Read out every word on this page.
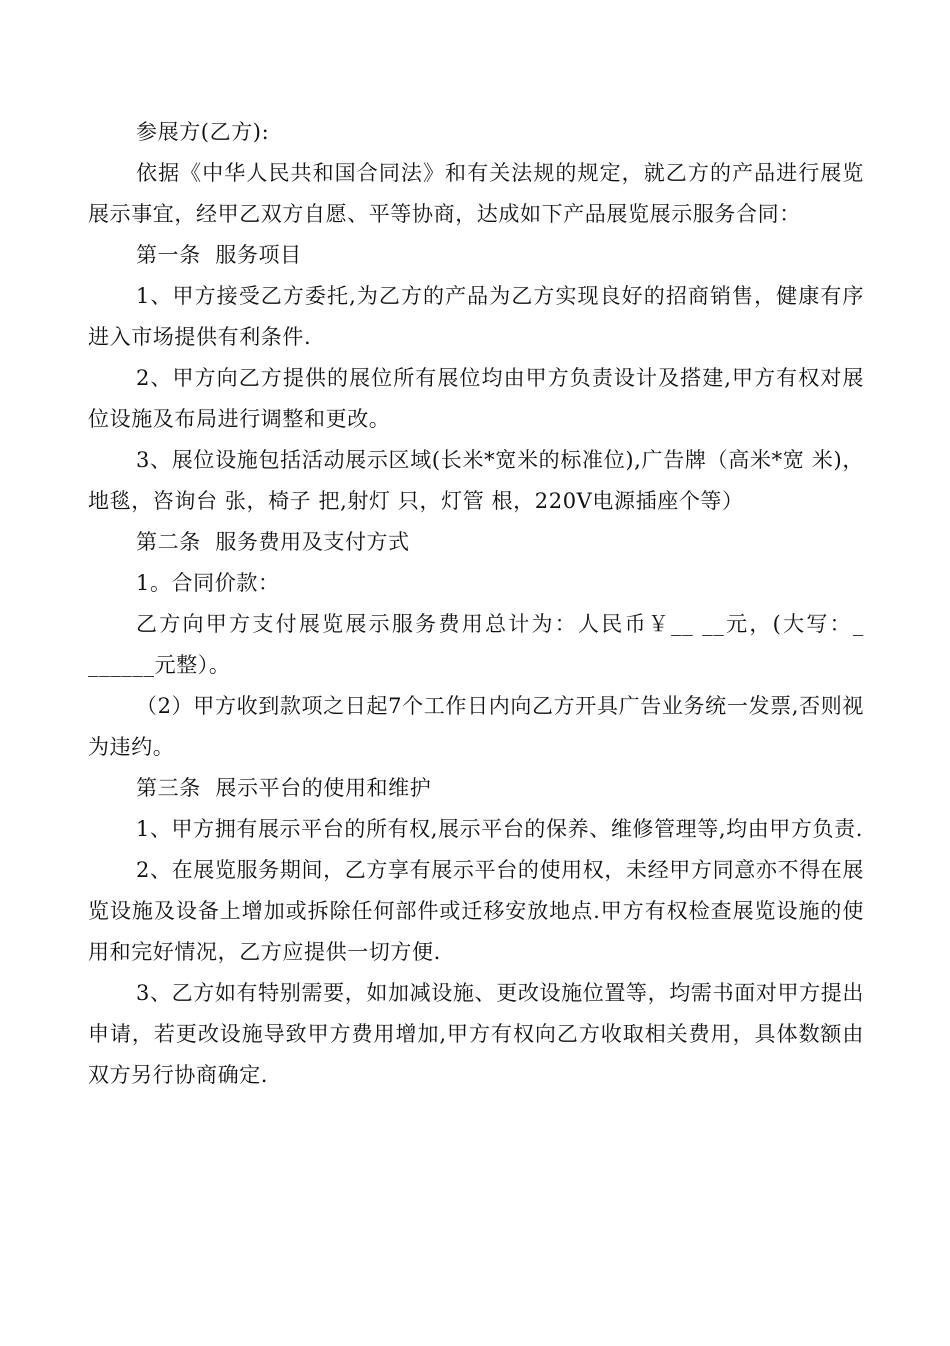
参展方(乙方):

依据《中华人民共和国合同法》和有关法规的规定，就乙方的产品进行展览展示事宜，经甲乙双方自愿、平等协商，达成如下产品展览展示服务合同：

第一条  服务项目

1、甲方接受乙方委托,为乙方的产品为乙方实现良好的招商销售，健康有序进入市场提供有利条件.

2、甲方向乙方提供的展位所有展位均由甲方负责设计及搭建,甲方有权对展位设施及布局进行调整和更改。

3、展位设施包括活动展示区域(长米*宽米的标准位),广告牌（高米*宽 米)，地毯，咨询台 张，椅子 把,射灯 只，灯管 根，220V电源插座个等）

第二条  服务费用及支付方式

1。合同价款：

乙方向甲方支付展览展示服务费用总计为：人民币￥__ __元，(大写：_ ______元整）。

（2）甲方收到款项之日起7个工作日内向乙方开具广告业务统一发票,否则视为违约。

第三条  展示平台的使用和维护

1、甲方拥有展示平台的所有权,展示平台的保养、维修管理等,均由甲方负责.

2、在展览服务期间，乙方享有展示平台的使用权，未经甲方同意亦不得在展览设施及设备上增加或拆除任何部件或迁移安放地点.甲方有权检查展览设施的使用和完好情况，乙方应提供一切方便.

3、乙方如有特别需要，如加减设施、更改设施位置等，均需书面对甲方提出申请，若更改设施导致甲方费用增加,甲方有权向乙方收取相关费用，具体数额由双方另行协商确定.
